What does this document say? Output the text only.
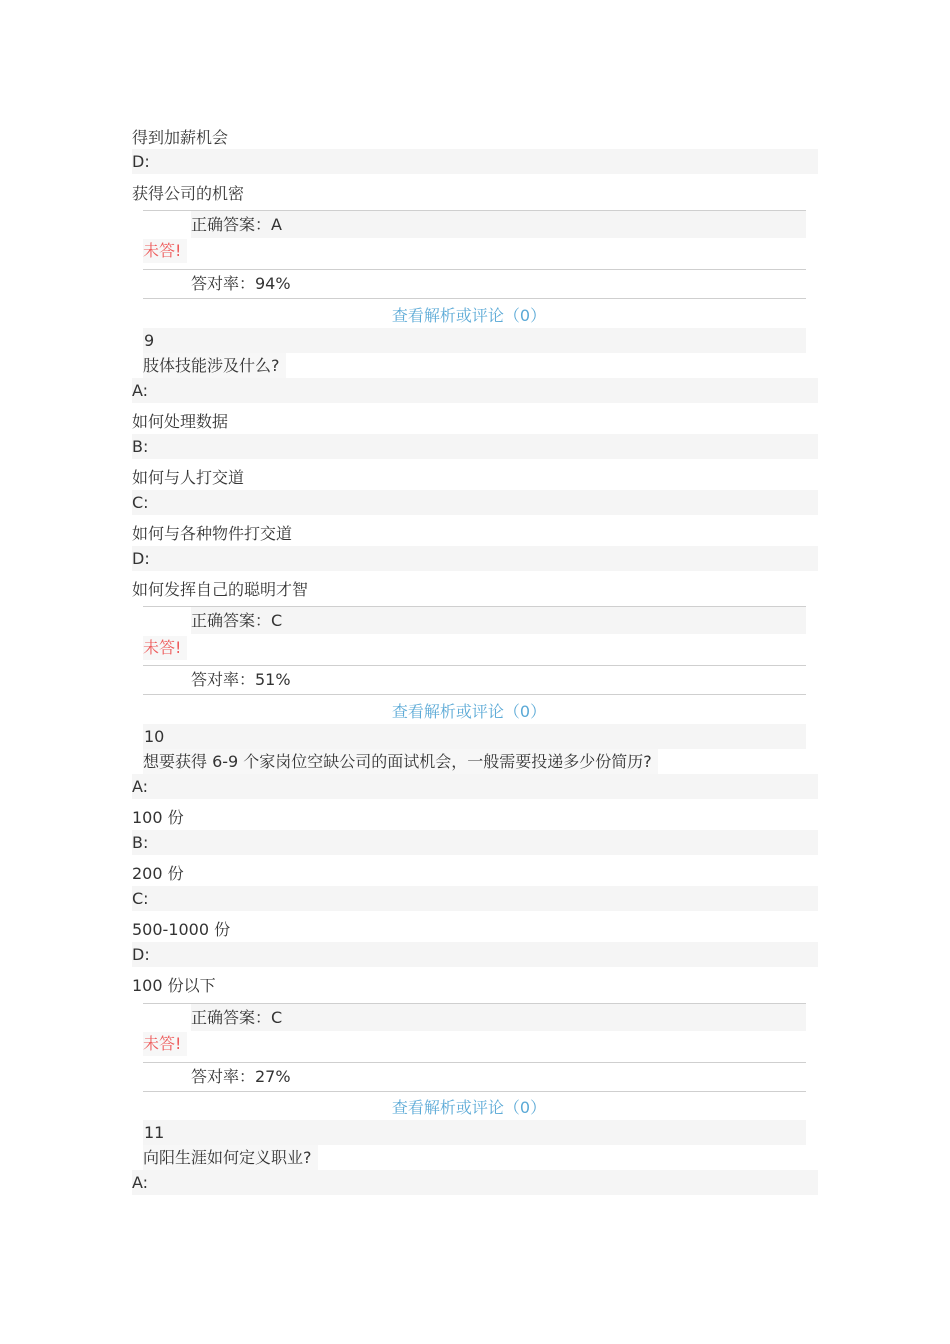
得到加薪机会
D:
获得公司的机密
正确答案：A
未答!
答对率：94%
查看解析或评论（0）
9
肢体技能涉及什么?
A:
如何处理数据
B:
如何与人打交道
C:
如何与各种物件打交道
D:
如何发挥自己的聪明才智
正确答案：C
未答!
答对率：51%
查看解析或评论（0）
10
想要获得 6-9 个家岗位空缺公司的面试机会，一般需要投递多少份简历?
A:
100 份
B:
200 份
C:
500-1000 份
D:
100 份以下
正确答案：C
未答!
答对率：27%
查看解析或评论（0）
11
向阳生涯如何定义职业?
A:
